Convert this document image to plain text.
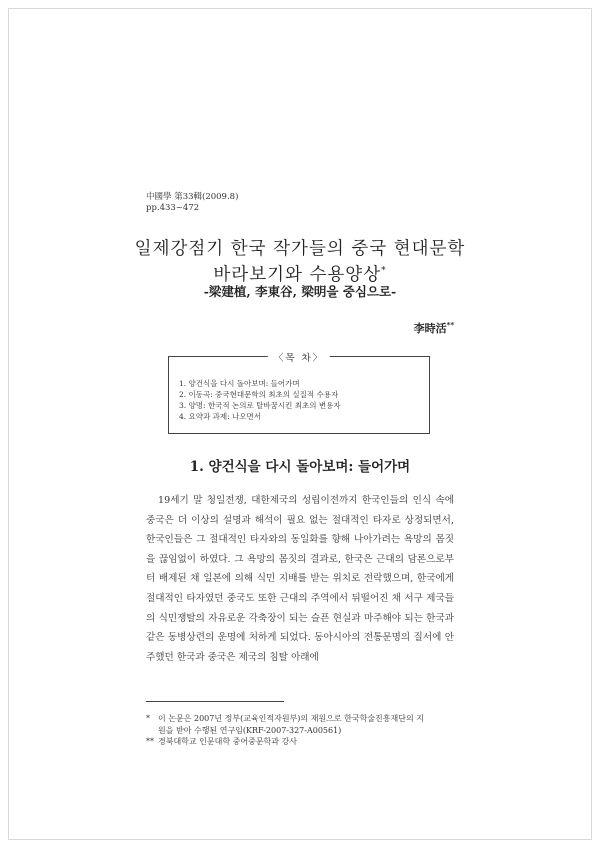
中國學 第33輯(2009.8)
pp.433~472
일제강점기 한국 작가들의 중국 현대문학
바라보기와 수용양상*
-梁建植, 李東谷, 梁明을 중심으로-
李時活**
〈목 차〉
1. 양건식을 다시 돌아보며: 들어가며
2. 이동곡: 중국현대문학의 최초의 실질적 수용자
3. 양명: 한국적 논의로 탈바꿈시킨 최초의 변용자
4. 요약과 과제: 나오면서
1. 양건식을 다시 돌아보며: 들어가며

19세기 말 청일전쟁, 대한제국의 성립이전까지 한국인들의 인식 속에 중국은 더 이상의 설명과 해석이 필요 없는 절대적인 타자로 상정되면서, 한국인들은 그 절대적인 타자와의 동일화를 향해 나아가려는 욕망의 몸짓을 끊임없이 하였다. 그 욕망의 몸짓의 결과로, 한국은 근대의 담론으로부터 배제된 채 일본에 의해 식민 지배를 받는 위치로 전락했으며, 한국에게 절대적인 타자였던 중국도 또한 근대의 주역에서 뒤떨어진 채 서구 제국들의 식민쟁탈의 자유로운 각축장이 되는 슬픈 현실과 마주해야 되는 한국과 같은 동병상련의 운명에 처하게 되었다. 동아시아의 전통문명의 질서에 안주했던 한국과 중국은 제국의 침탈 아래에

* 이 논문은 2007년 정부(교육인적자원부)의 재원으로 한국학술진흥재단의 지
원을 받아 수행된 연구임(KRF-2007-327-A00561)
** 경북대학교 인문대학 중어중문학과 강사
